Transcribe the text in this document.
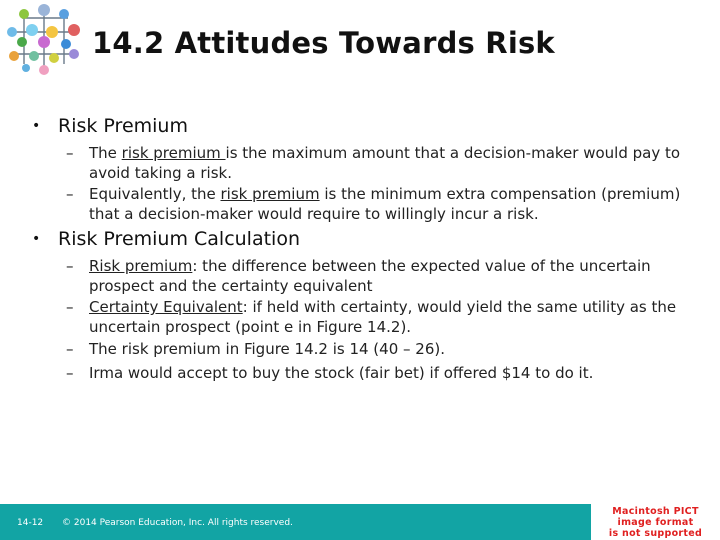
14.2 Attitudes Towards Risk
• Risk Premium
– The risk premium is the maximum amount that a decision-maker would pay to avoid taking a risk.
– Equivalently, the risk premium is the minimum extra compensation (premium) that a decision-maker would require to willingly incur a risk.
• Risk Premium Calculation
– Risk premium: the difference between the expected value of the uncertain prospect and the certainty equivalent
– Certainty Equivalent: if held with certainty, would yield the same utility as the uncertain prospect (point e in Figure 14.2).
– The risk premium in Figure 14.2 is 14 (40 – 26).
– Irma would accept to buy the stock (fair bet) if offered $14 to do it.
14-12 © 2014 Pearson Education, Inc. All rights reserved.
Macintosh PICT
image format
is not supported
